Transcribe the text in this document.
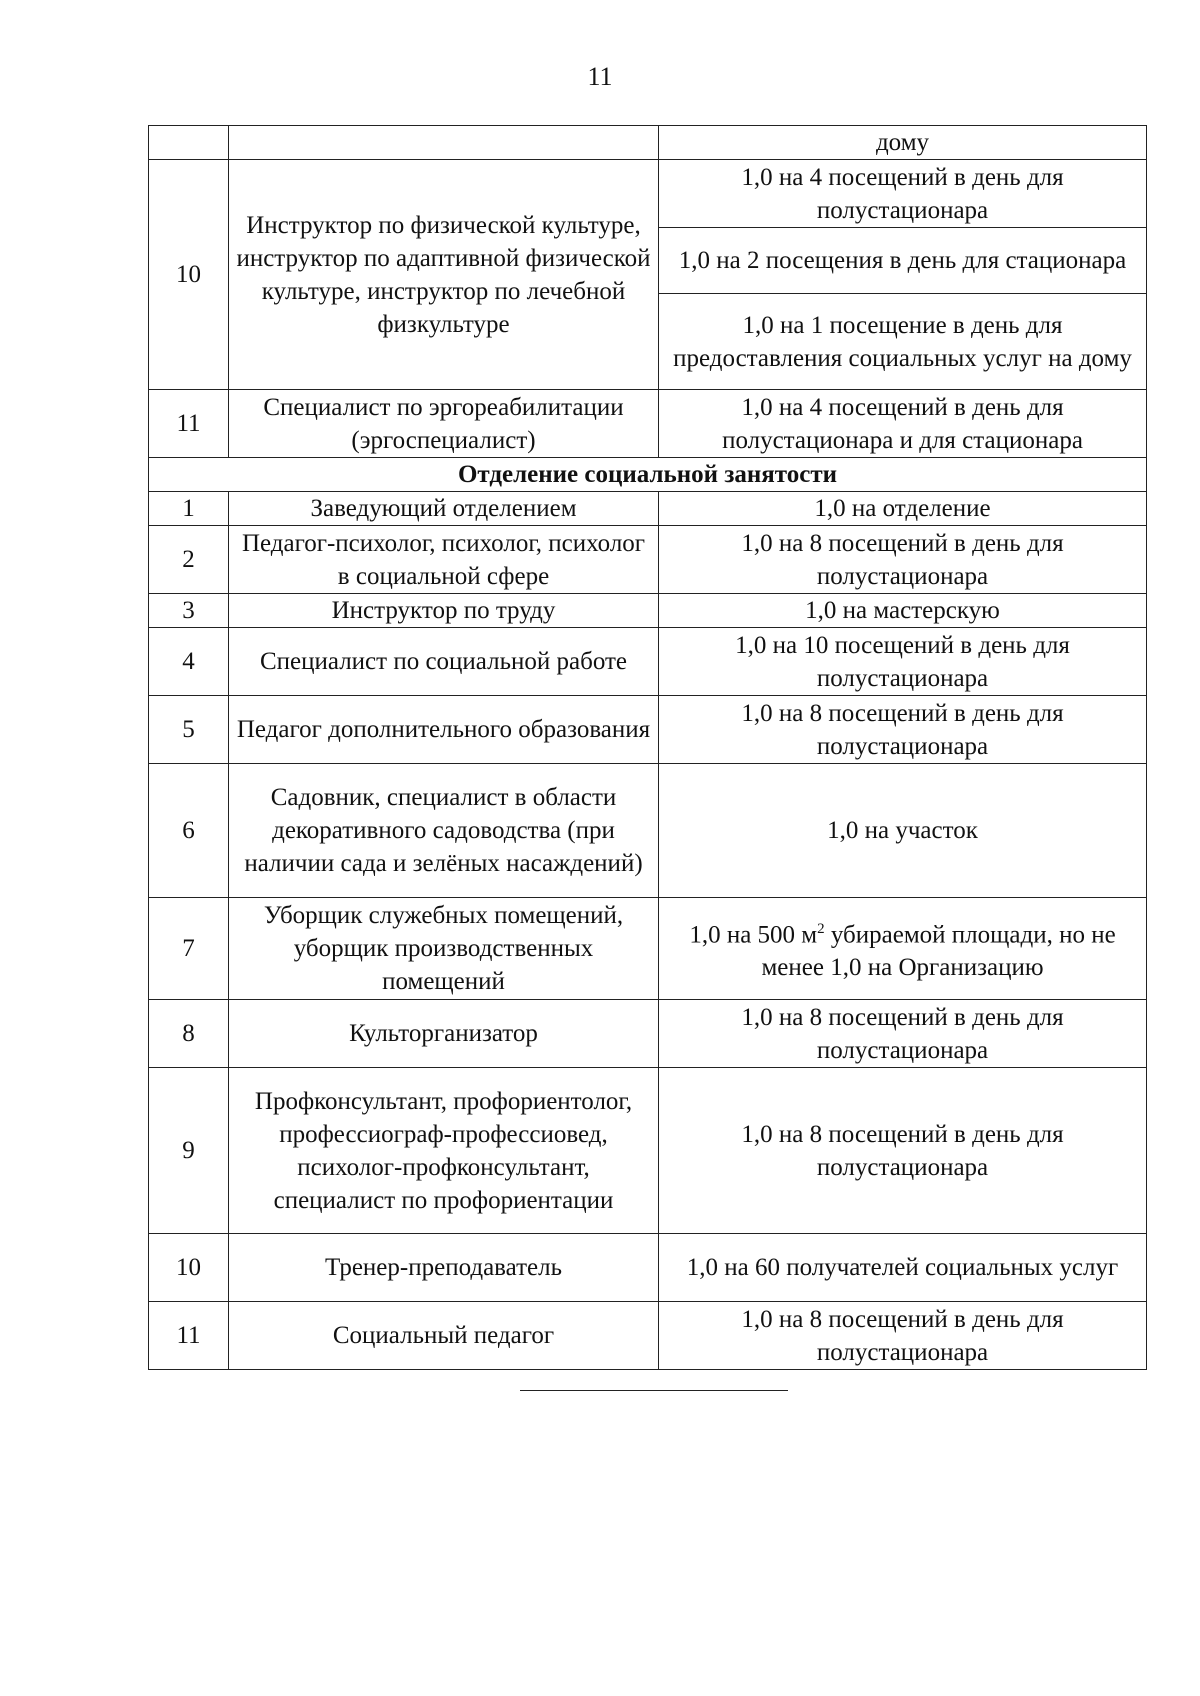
11
		дому
10	Инструктор по физической культуре, инструктор по адаптивной физической культуре, инструктор по лечебной физкультуре	1,0 на 4 посещений в день для полустационара
		1,0 на 2 посещения в день для стационара
		1,0 на 1 посещение в день для предоставления социальных услуг на дому
11	Специалист по эргореабилитации (эргоспециалист)	1,0 на 4 посещений в день для полустационара и для стационара
Отделение социальной занятости		
1	Заведующий отделением	1,0 на отделение
2	Педагог-психолог, психолог, психолог в социальной сфере	1,0 на 8 посещений в день для полустационара
3	Инструктор по труду	1,0 на мастерскую
4	Специалист по социальной работе	1,0 на 10 посещений в день для полустационара
5	Педагог дополнительного образования	1,0 на 8 посещений в день для полустационара
6	Садовник, специалист в области декоративного садоводства (при наличии сада и зелёных насаждений)	1,0 на участок
7	Уборщик служебных помещений, уборщик производственных помещений	1,0 на 500 $м^2$ убираемой площади, но не менее 1,0 на Организацию
8	Культорганизатор	1,0 на 8 посещений в день для полустационара
9	Профконсультант, профориентолог, профессиограф-профессиовед, психолог-профконсультант, специалист по профориентации	1,0 на 8 посещений в день для полустационара
10	Тренер-преподаватель	1,0 на 60 получателей социальных услуг
11	Социальный педагог	1,0 на 8 посещений в день для полустационара
